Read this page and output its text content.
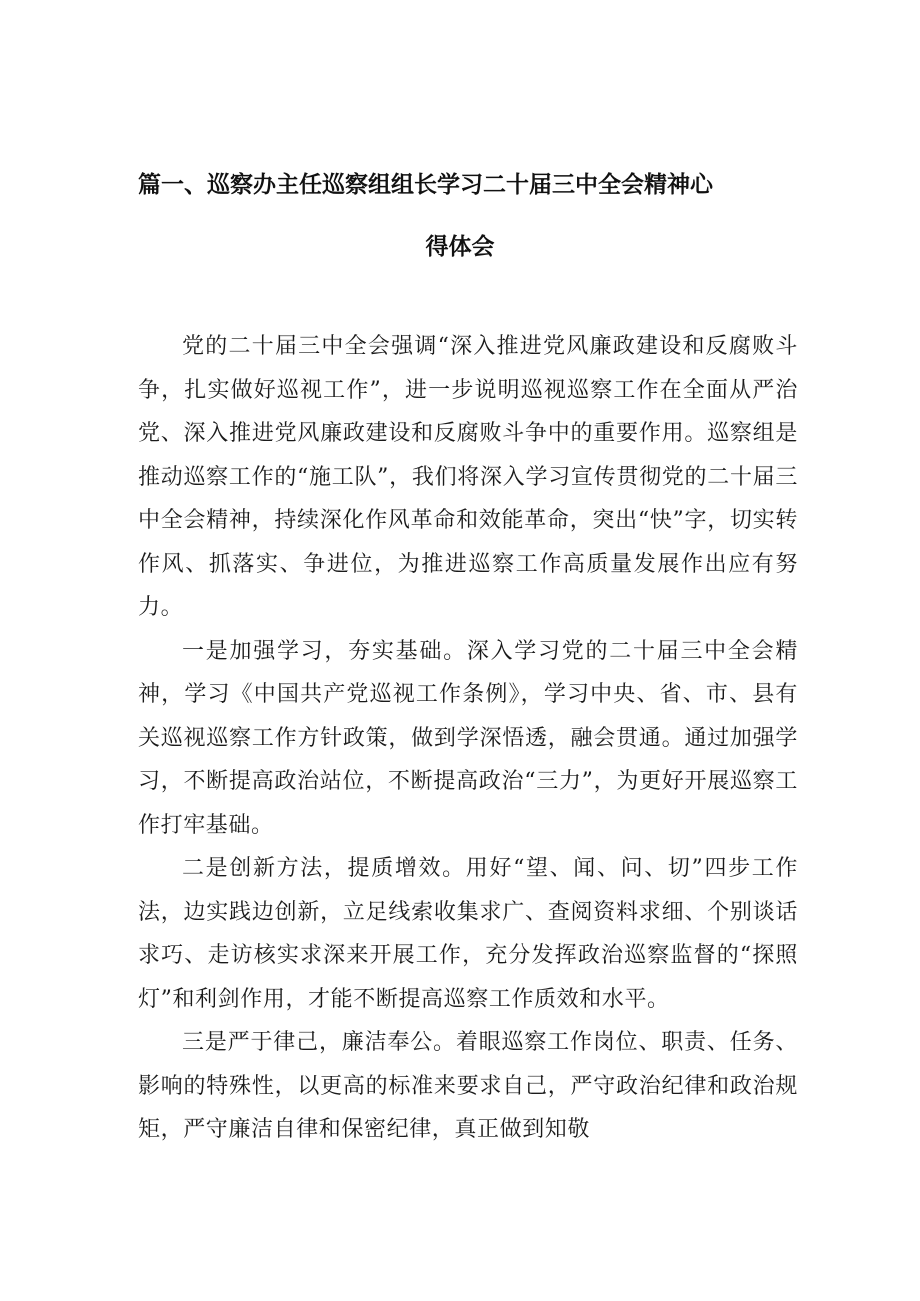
篇一、巡察办主任巡察组组长学习二十届三中全会精神心
得体会

党的二十届三中全会强调“深入推进党风廉政建设和反腐败斗争，扎实做好巡视工作”，进一步说明巡视巡察工作在全面从严治党、深入推进党风廉政建设和反腐败斗争中的重要作用。巡察组是推动巡察工作的“施工队”，我们将深入学习宣传贯彻党的二十届三中全会精神，持续深化作风革命和效能革命，突出“快”字，切实转作风、抓落实、争进位，为推进巡察工作高质量发展作出应有努力。

一是加强学习，夯实基础。深入学习党的二十届三中全会精神，学习《中国共产党巡视工作条例》，学习中央、省、市、县有关巡视巡察工作方针政策，做到学深悟透，融会贯通。通过加强学习，不断提高政治站位，不断提高政治“三力”，为更好开展巡察工作打牢基础。

二是创新方法，提质增效。用好“望、闻、问、切”四步工作法，边实践边创新，立足线索收集求广、查阅资料求细、个别谈话求巧、走访核实求深来开展工作，充分发挥政治巡察监督的“探照灯”和利剑作用，才能不断提高巡察工作质效和水平。

三是严于律己，廉洁奉公。着眼巡察工作岗位、职责、任务、影响的特殊性，以更高的标准来要求自己，严守政治纪律和政治规矩，严守廉洁自律和保密纪律，真正做到知敬
